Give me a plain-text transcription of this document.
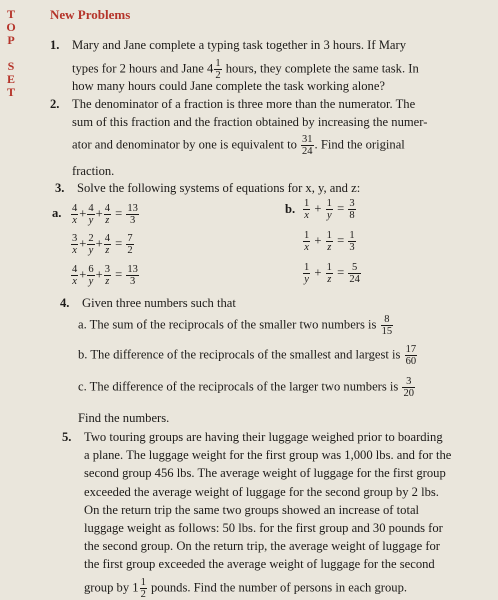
T
O
P

S
E
T
New Problems
1. Mary and Jane complete a typing task together in 3 hours. If Mary
types for 2 hours and Jane $4 \frac{1}{2}$ hours, they complete the same task. In
how many hours could Jane complete the task working alone?
2. The denominator of a fraction is three more than the numerator. The
sum of this fraction and the fraction obtained by increasing the numer-
ator and denominator by one is equivalent to $\frac{31}{24}$ . Find the original
fraction.
3. Solve the following systems of equations for x, y, and z:
a.	b.
$\frac{4}{x} + \frac{4}{y} + \frac{4}{z} = \frac{13}{3}$
$\frac{3}{x} + \frac{2}{y} + \frac{4}{z} = \frac{7}{2}$
$\frac{4}{x} + \frac{6}{y} + \frac{3}{z} = \frac{13}{3}$
$\frac{1}{x} + \frac{1}{y} = \frac{3}{8}$
$\frac{1}{x} + \frac{1}{z} = \frac{1}{3}$
$\frac{1}{y} + \frac{1}{z} = \frac{5}{24}$
4. Given three numbers such that
a. The sum of the reciprocals of the smaller two numbers is $\frac{8}{15}$
b. The difference of the reciprocals of the smallest and largest is $\frac{17}{60}$
c. The difference of the reciprocals of the larger two numbers is $\frac{3}{20}$
Find the numbers.
5. Two touring groups are having their luggage weighed prior to boarding
a plane. The luggage weight for the first group was 1,000 lbs. and for the
second group 456 lbs. The average weight of luggage for the first group
exceeded the average weight of luggage for the second group by 2 lbs.
On the return trip the same two groups showed an increase of total
luggage weight as follows: 50 lbs. for the first group and 30 pounds for
the second group. On the return trip, the average weight of luggage for
the first group exceeded the average weight of luggage for the second
group by $1 \frac{1}{2}$ pounds. Find the number of persons in each group.
